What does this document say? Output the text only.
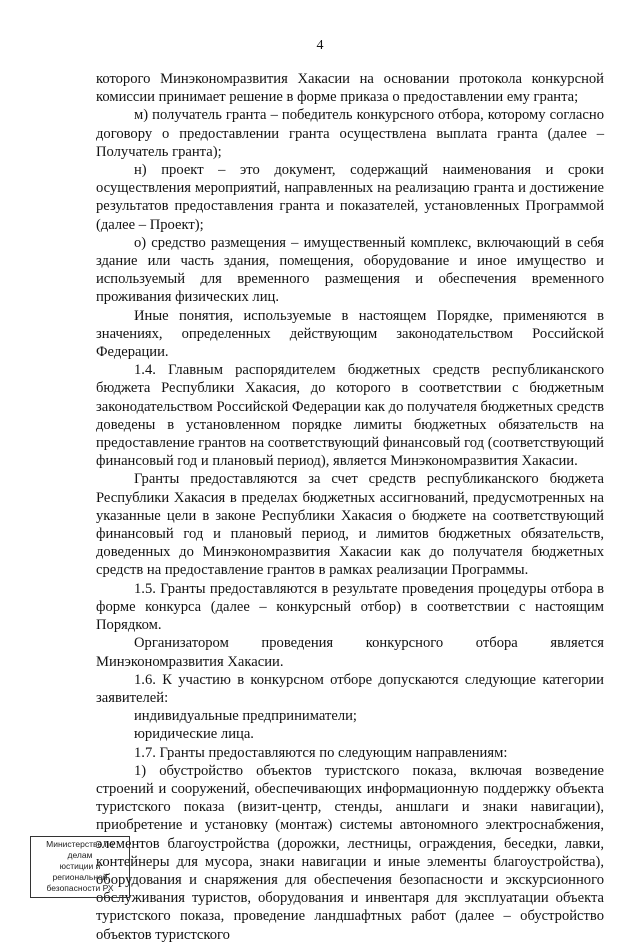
4

которого Минэкономразвития Хакасии на основании протокола конкурсной комиссии принимает решение в форме приказа о предоставлении ему гранта;

м) получатель гранта – победитель конкурсного отбора, которому согласно договору о предоставлении гранта осуществлена выплата гранта (далее – Получатель гранта);

н) проект – это документ, содержащий наименования и сроки осуществления мероприятий, направленных на реализацию гранта и достижение результатов предоставления гранта и показателей, установленных Программой (далее – Проект);

о) средство размещения – имущественный комплекс, включающий в себя здание или часть здания, помещения, оборудование и иное имущество и используемый для временного размещения и обеспечения временного проживания физических лиц.

Иные понятия, используемые в настоящем Порядке, применяются в значениях, определенных действующим законодательством Российской Федерации.

1.4. Главным распорядителем бюджетных средств республиканского бюджета Республики Хакасия, до которого в соответствии с бюджетным законодательством Российской Федерации как до получателя бюджетных средств доведены в установленном порядке лимиты бюджетных обязательств на предоставление грантов на соответствующий финансовый год (соответствующий финансовый год и плановый период), является Минэкономразвития Хакасии.

Гранты предоставляются за счет средств республиканского бюджета Республики Хакасия в пределах бюджетных ассигнований, предусмотренных на указанные цели в законе Республики Хакасия о бюджете на соответствующий финансовый год и плановый период, и лимитов бюджетных обязательств, доведенных до Минэкономразвития Хакасии как до получателя бюджетных средств на предоставление грантов в рамках реализации Программы.

1.5. Гранты предоставляются в результате проведения процедуры отбора в форме конкурса (далее – конкурсный отбор) в соответствии с настоящим Порядком.

Организатором проведения конкурсного отбора является Минэкономразвития Хакасии.

1.6. К участию в конкурсном отборе допускаются следующие категории заявителей:

индивидуальные предприниматели;

юридические лица.

1.7. Гранты предоставляются по следующим направлениям:

1) обустройство объектов туристского показа, включая возведение строений и сооружений, обеспечивающих информационную поддержку объекта туристского показа (визит-центр, стенды, аншлаги и знаки навигации), приобретение и установку (монтаж) системы автономного электроснабжения, элементов благоустройства (дорожки, лестницы, ограждения, беседки, лавки, контейнеры для мусора, знаки навигации и иные элементы благоустройства), оборудования и снаряжения для обеспечения безопасности и экскурсионного обслуживания туристов, оборудования и инвентаря для эксплуатации объекта туристского показа, проведение ландшафтных работ (далее – обустройство объектов туристского

Министерство по делам
юстиции и региональной
безопасности РХ
